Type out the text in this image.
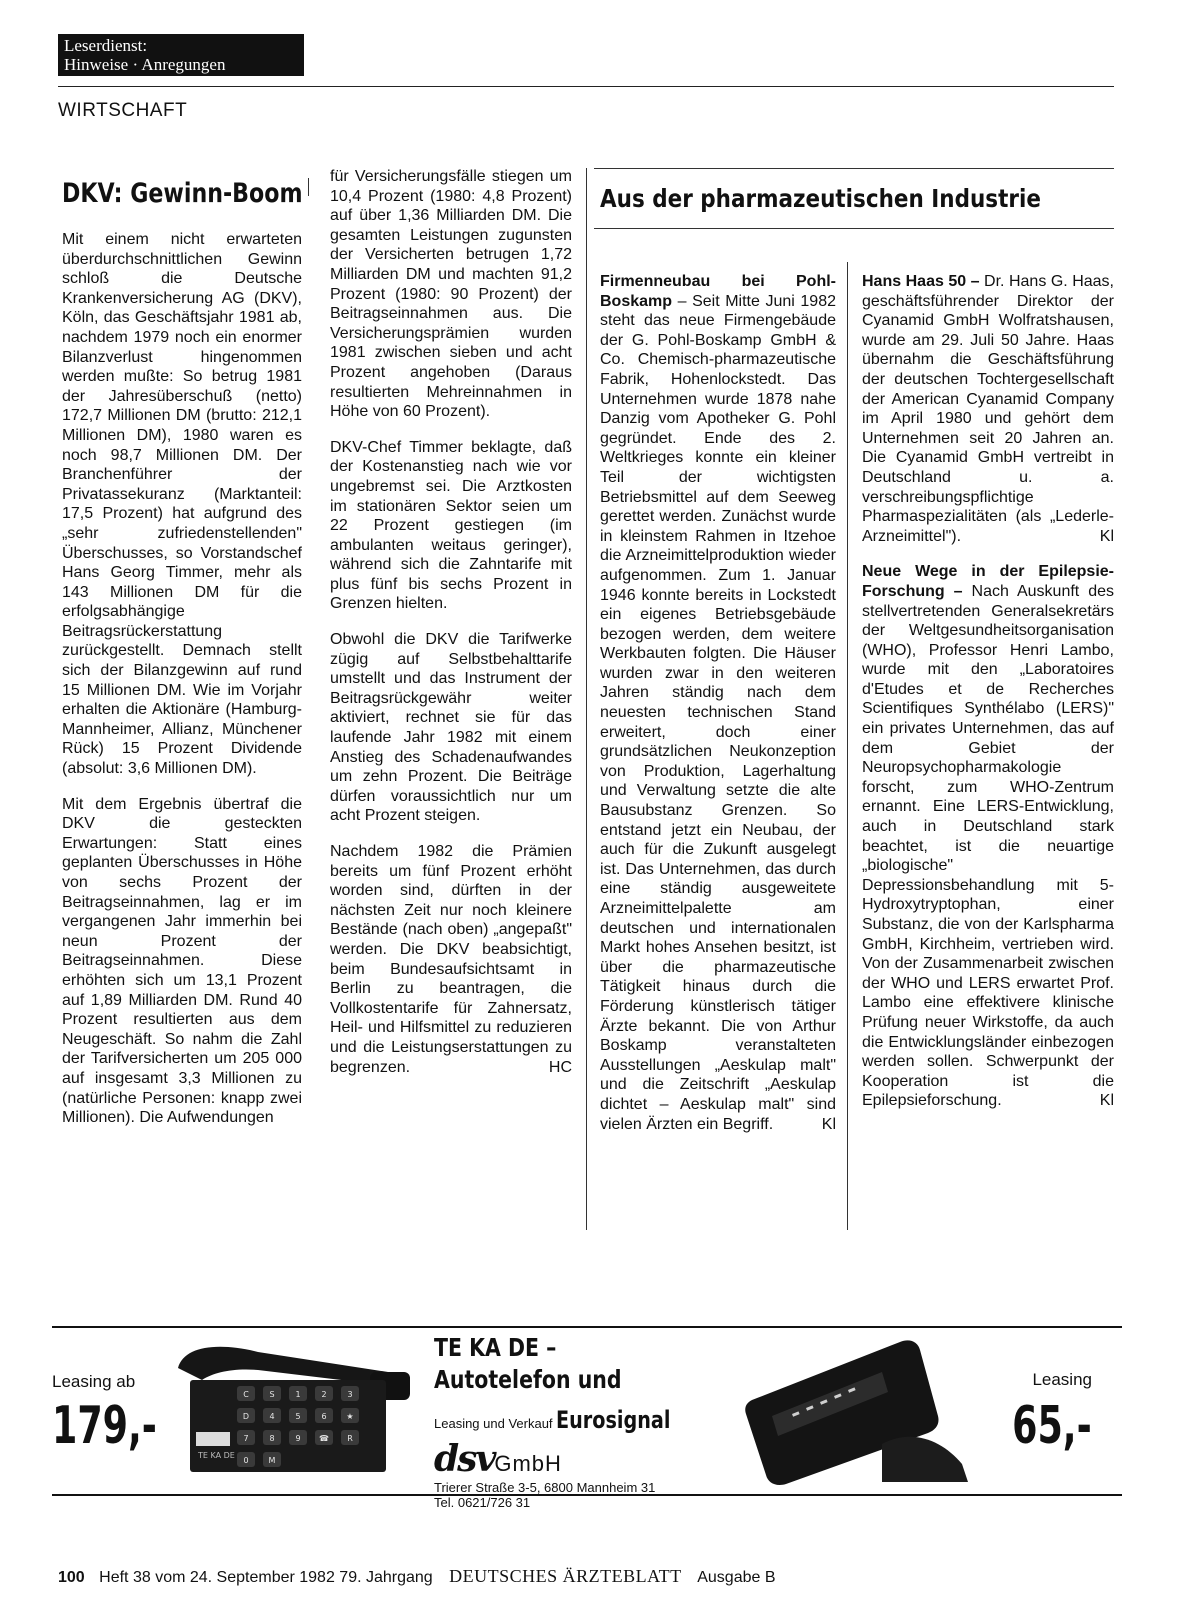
Leserdienst:
Hinweise · Anregungen
WIRTSCHAFT
DKV: Gewinn-Boom

Mit einem nicht erwarteten überdurchschnittlichen Gewinn schloß die Deutsche Krankenversicherung AG (DKV), Köln, das Geschäftsjahr 1981 ab, nachdem 1979 noch ein enormer Bilanzverlust hingenommen werden mußte: So betrug 1981 der Jahresüberschuß (netto) 172,7 Millionen DM (brutto: 212,1 Millionen DM), 1980 waren es noch 98,7 Millionen DM. Der Branchenführer der Privatassekuranz (Marktanteil: 17,5 Prozent) hat aufgrund des „sehr zufriedenstellenden" Überschusses, so Vorstandschef Hans Georg Timmer, mehr als 143 Millionen DM für die erfolgsabhängige Beitragsrückerstattung zurückgestellt. Demnach stellt sich der Bilanzgewinn auf rund 15 Millionen DM. Wie im Vorjahr erhalten die Aktionäre (Hamburg-Mannheimer, Allianz, Münchener Rück) 15 Prozent Dividende (absolut: 3,6 Millionen DM).

Mit dem Ergebnis übertraf die DKV die gesteckten Erwartungen: Statt eines geplanten Überschusses in Höhe von sechs Prozent der Beitragseinnahmen, lag er im vergangenen Jahr immerhin bei neun Prozent der Beitragseinnahmen. Diese erhöhten sich um 13,1 Prozent auf 1,89 Milliarden DM. Rund 40 Prozent resultierten aus dem Neugeschäft. So nahm die Zahl der Tarifversicherten um 205 000 auf insgesamt 3,3 Millionen zu (natürliche Personen: knapp zwei Millionen). Die Aufwendungen

für Versicherungsfälle stiegen um 10,4 Prozent (1980: 4,8 Prozent) auf über 1,36 Milliarden DM. Die gesamten Leistungen zugunsten der Versicherten betrugen 1,72 Milliarden DM und machten 91,2 Prozent (1980: 90 Prozent) der Beitragseinnahmen aus. Die Versicherungsprämien wurden 1981 zwischen sieben und acht Prozent angehoben (Daraus resultierten Mehreinnahmen in Höhe von 60 Prozent).

DKV-Chef Timmer beklagte, daß der Kostenanstieg nach wie vor ungebremst sei. Die Arztkosten im stationären Sektor seien um 22 Prozent gestiegen (im ambulanten weitaus geringer), während sich die Zahntarife mit plus fünf bis sechs Prozent in Grenzen hielten.

Obwohl die DKV die Tarifwerke zügig auf Selbstbehalttarife umstellt und das Instrument der Beitragsrückgewähr weiter aktiviert, rechnet sie für das laufende Jahr 1982 mit einem Anstieg des Schadenaufwandes um zehn Prozent. Die Beiträge dürfen voraussichtlich nur um acht Prozent steigen.

Nachdem 1982 die Prämien bereits um fünf Prozent erhöht worden sind, dürften in der nächsten Zeit nur noch kleinere Bestände (nach oben) „angepaßt" werden. Die DKV beabsichtigt, beim Bundesaufsichtsamt in Berlin zu beantragen, die Vollkostentarife für Zahnersatz, Heil- und Hilfsmittel zu reduzieren und die Leistungserstattungen zu begrenzen.	HC

Aus der pharmazeutischen Industrie

Firmenneubau bei Pohl-Boskamp – Seit Mitte Juni 1982 steht das neue Firmengebäude der G. Pohl-Boskamp GmbH & Co. Chemisch-pharmazeutische Fabrik, Hohenlockstedt. Das Unternehmen wurde 1878 nahe Danzig vom Apotheker G. Pohl gegründet. Ende des 2. Weltkrieges konnte ein kleiner Teil der wichtigsten Betriebsmittel auf dem Seeweg gerettet werden. Zunächst wurde in kleinstem Rahmen in Itzehoe die Arzneimittelproduktion wieder aufgenommen. Zum 1. Januar 1946 konnte bereits in Lockstedt ein eigenes Betriebsgebäude bezogen werden, dem weitere Werkbauten folgten. Die Häuser wurden zwar in den weiteren Jahren ständig nach dem neuesten technischen Stand erweitert, doch einer grundsätzlichen Neukonzeption von Produktion, Lagerhaltung und Verwaltung setzte die alte Bausubstanz Grenzen. So entstand jetzt ein Neubau, der auch für die Zukunft ausgelegt ist. Das Unternehmen, das durch eine ständig ausgeweitete Arzneimittelpalette am deutschen und internationalen Markt hohes Ansehen besitzt, ist über die pharmazeutische Tätigkeit hinaus durch die Förderung künstlerisch tätiger Ärzte bekannt. Die von Arthur Boskamp veranstalteten Ausstellungen „Aeskulap malt" und die Zeitschrift „Aeskulap dichtet – Aeskulap malt" sind vielen Ärzten ein Begriff.	Kl

Hans Haas 50 – Dr. Hans G. Haas, geschäftsführender Direktor der Cyanamid GmbH Wolfratshausen, wurde am 29. Juli 50 Jahre. Haas übernahm die Geschäftsführung der deutschen Tochtergesellschaft der American Cyanamid Company im April 1980 und gehört dem Unternehmen seit 20 Jahren an. Die Cyanamid GmbH vertreibt in Deutschland u. a. verschreibungspflichtige Pharmaspezialitäten (als „Lederle-Arzneimittel").	Kl

Neue Wege in der Epilepsie-Forschung – Nach Auskunft des stellvertretenden Generalsekretärs der Weltgesundheitsorganisation (WHO), Professor Henri Lambo, wurde mit den „Laboratoires d'Etudes et de Recherches Scientifiques Synthélabo (LERS)" ein privates Unternehmen, das auf dem Gebiet der Neuropsychopharmakologie forscht, zum WHO-Zentrum ernannt. Eine LERS-Entwicklung, auch in Deutschland stark beachtet, ist die neuartige „biologische" Depressionsbehandlung mit 5-Hydroxytryptophan, einer Substanz, die von der Karlspharma GmbH, Kirchheim, vertrieben wird. Von der Zusammenarbeit zwischen der WHO und LERS erwartet Prof. Lambo eine effektivere klinische Prüfung neuer Wirkstoffe, da auch die Entwicklungsländer einbezogen werden sollen. Schwerpunkt der Kooperation ist die Epilepsieforschung.	Kl

Leasing ab
179,-	TE KA DE
C	S	1	2	3
D	4	5	6 ★
7	8	9 ☎ R
0	M
TE KA DE –
Autotelefon und
Leasing und Verkauf Eurosignal
dsvGmbH
Trierer Straße 3-5, 6800 Mannheim 31
Tel. 0621/726 31
Leasing
65,-
100 Heft 38 vom 24. September 1982 79. Jahrgang DEUTSCHES ÄRZTEBLATT Ausgabe B
